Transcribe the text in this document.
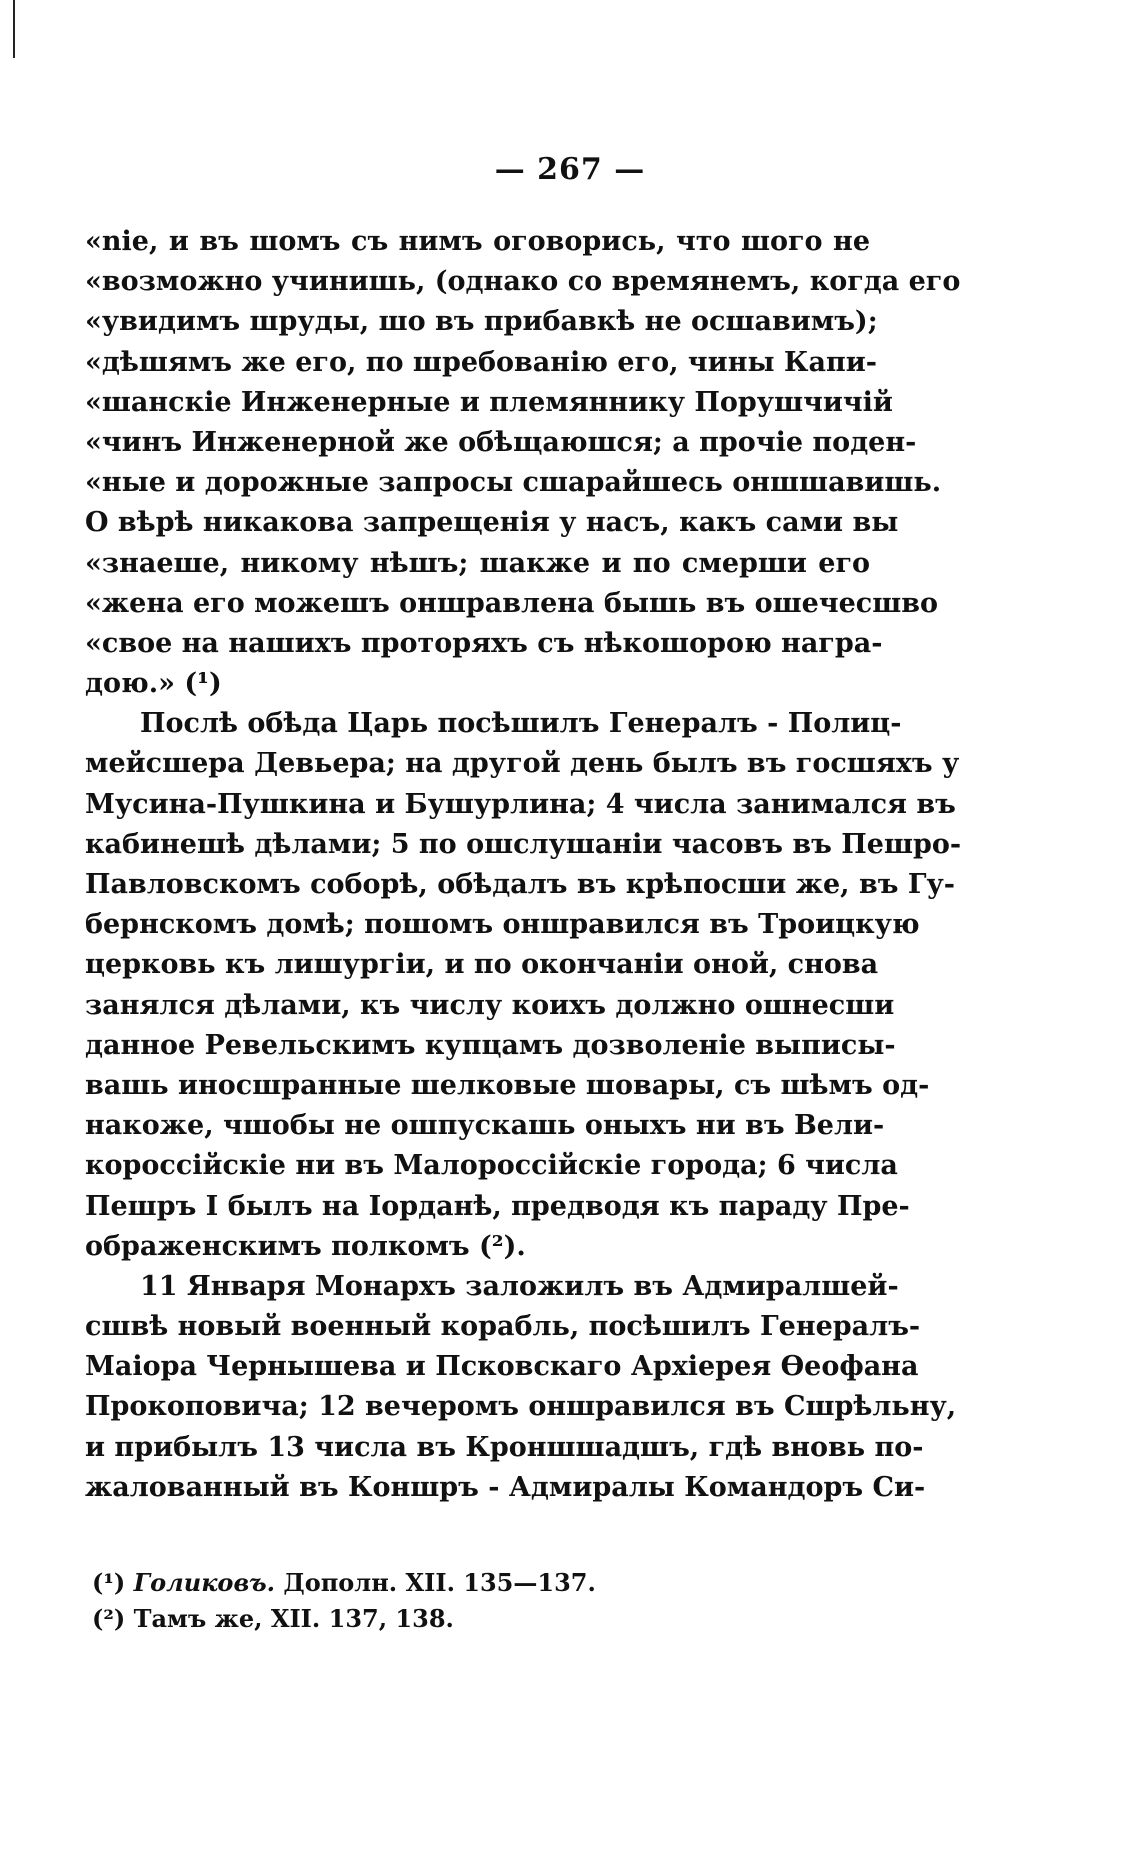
— 267 —
«nie, и въ шомъ съ нимъ оговорись, что шого не
«возможно учинишь, (однако со времянемъ, когда его
«увидимъ шруды, шо въ прибавкѣ не осшавимъ);
«дѣшямъ же его, по шребованію его, чины Капи-
«шанскіе Инженерные и племяннику Порушчичій
«чинъ Инженерной же обѣщаюшся; а прочіе поден-
«ные и дорожные запросы сшарайшесь оншшавишь.
О вѣрѣ никакова запрещенія у насъ, какъ сами вы
«знаеше, никому нѣшъ; шакже и по смерши его
«жена его можешъ оншравлена бышь въ ошечесшво
«свое на нашихъ проторяхъ съ нѣкошорою награ-
дою.» (¹)
Послѣ обѣда Царь посѣшилъ Генералъ - Полиц-
мейсшера Девьера; на другой день былъ въ госшяхъ у
Мусина-Пушкина и Бушурлина; 4 числа занимался въ
кабинешѣ дѣлами; 5 по ошслушаніи часовъ въ Пешро-
Павловскомъ соборѣ, обѣдалъ въ крѣпосши же, въ Гу-
бернскомъ домѣ; пошомъ оншравился въ Троицкую
церковь къ лишургіи, и по окончаніи оной, снова
занялся дѣлами, къ числу коихъ должно ошнесши
данное Ревельскимъ купцамъ дозволеніе выписы-
вашь иносшранные шелковые шовары, съ шѣмъ од-
накоже, чшобы не ошпускашь оныхъ ни въ Вели-
короссійскіе ни въ Малороссійскіе города; 6 числа
Пешръ I былъ на Іорданѣ, предводя къ параду Пре-
ображенскимъ полкомъ (²).
11 Января Монархъ заложилъ въ Адмиралшей-
сшвѣ новый военный корабль, посѣшилъ Генералъ-
Маіора Чернышева и Псковскаго Архіерея Ѳеофана
Прокоповича; 12 вечеромъ оншравился въ Сшрѣльну,
и прибылъ 13 числа въ Кроншшадшъ, гдѣ вновь по-
жалованный въ Коншръ - Адмиралы Командоръ Си-
(¹) Голиковъ. Дополн. XII. 135—137.
(²) Тамъ же, XII. 137, 138.
